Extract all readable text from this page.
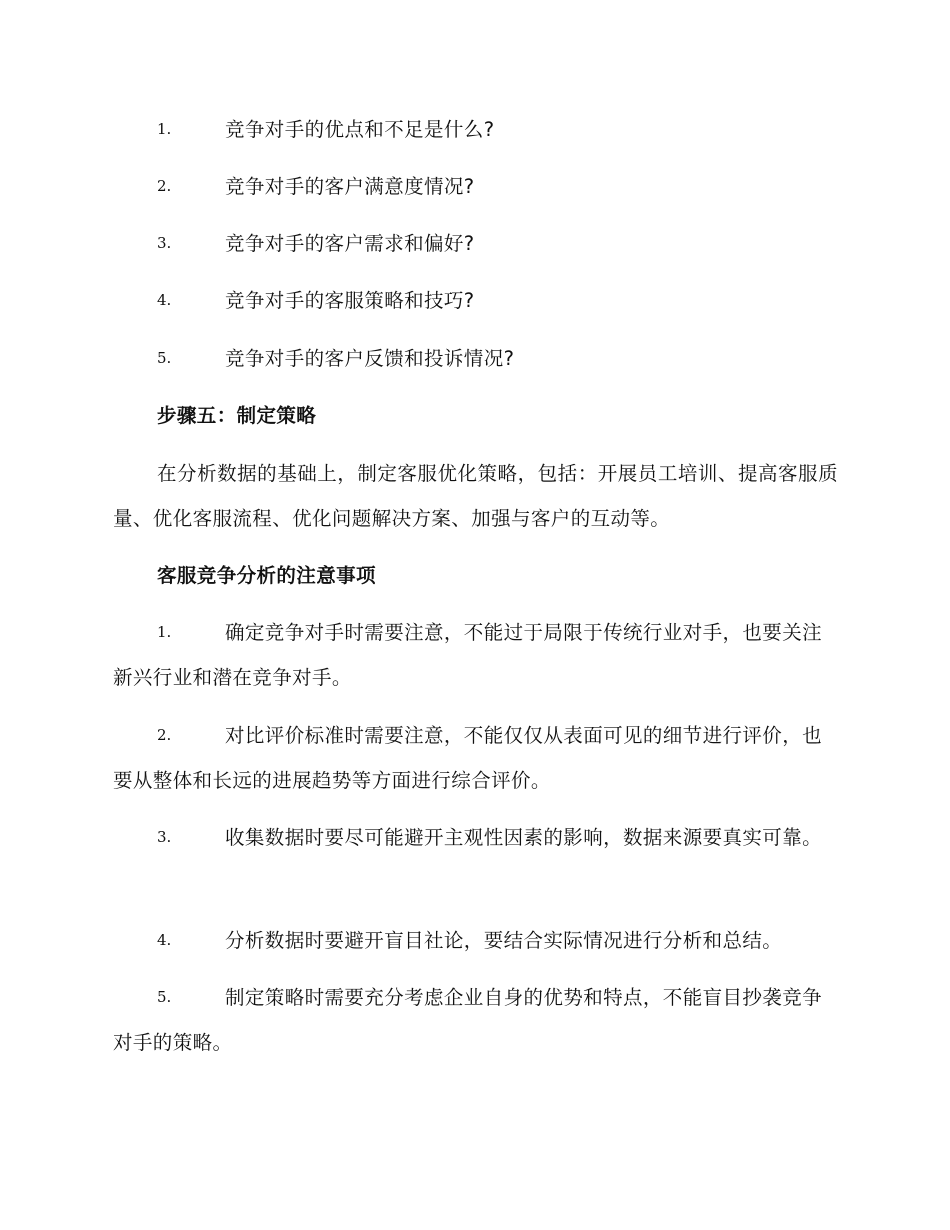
1.	竞争对手的优点和不足是什么?
2.	竞争对手的客户满意度情况?
3.	竞争对手的客户需求和偏好?
4.	竞争对手的客服策略和技巧?
5.	竞争对手的客户反馈和投诉情况?
步骤五：制定策略
在分析数据的基础上，制定客服优化策略，包括：开展员工培训、提高客服质量、优化客服流程、优化问题解决方案、加强与客户的互动等。
客服竞争分析的注意事项
1.	确定竞争对手时需要注意，不能过于局限于传统行业对手，也要关注新兴行业和潜在竞争对手。
2.	对比评价标准时需要注意，不能仅仅从表面可见的细节进行评价，也要从整体和长远的进展趋势等方面进行综合评价。
3.	收集数据时要尽可能避开主观性因素的影响，数据来源要真实可靠。
4.	分析数据时要避开盲目社论，要结合实际情况进行分析和总结。
5.	制定策略时需要充分考虑企业自身的优势和特点，不能盲目抄袭竞争对手的策略。
